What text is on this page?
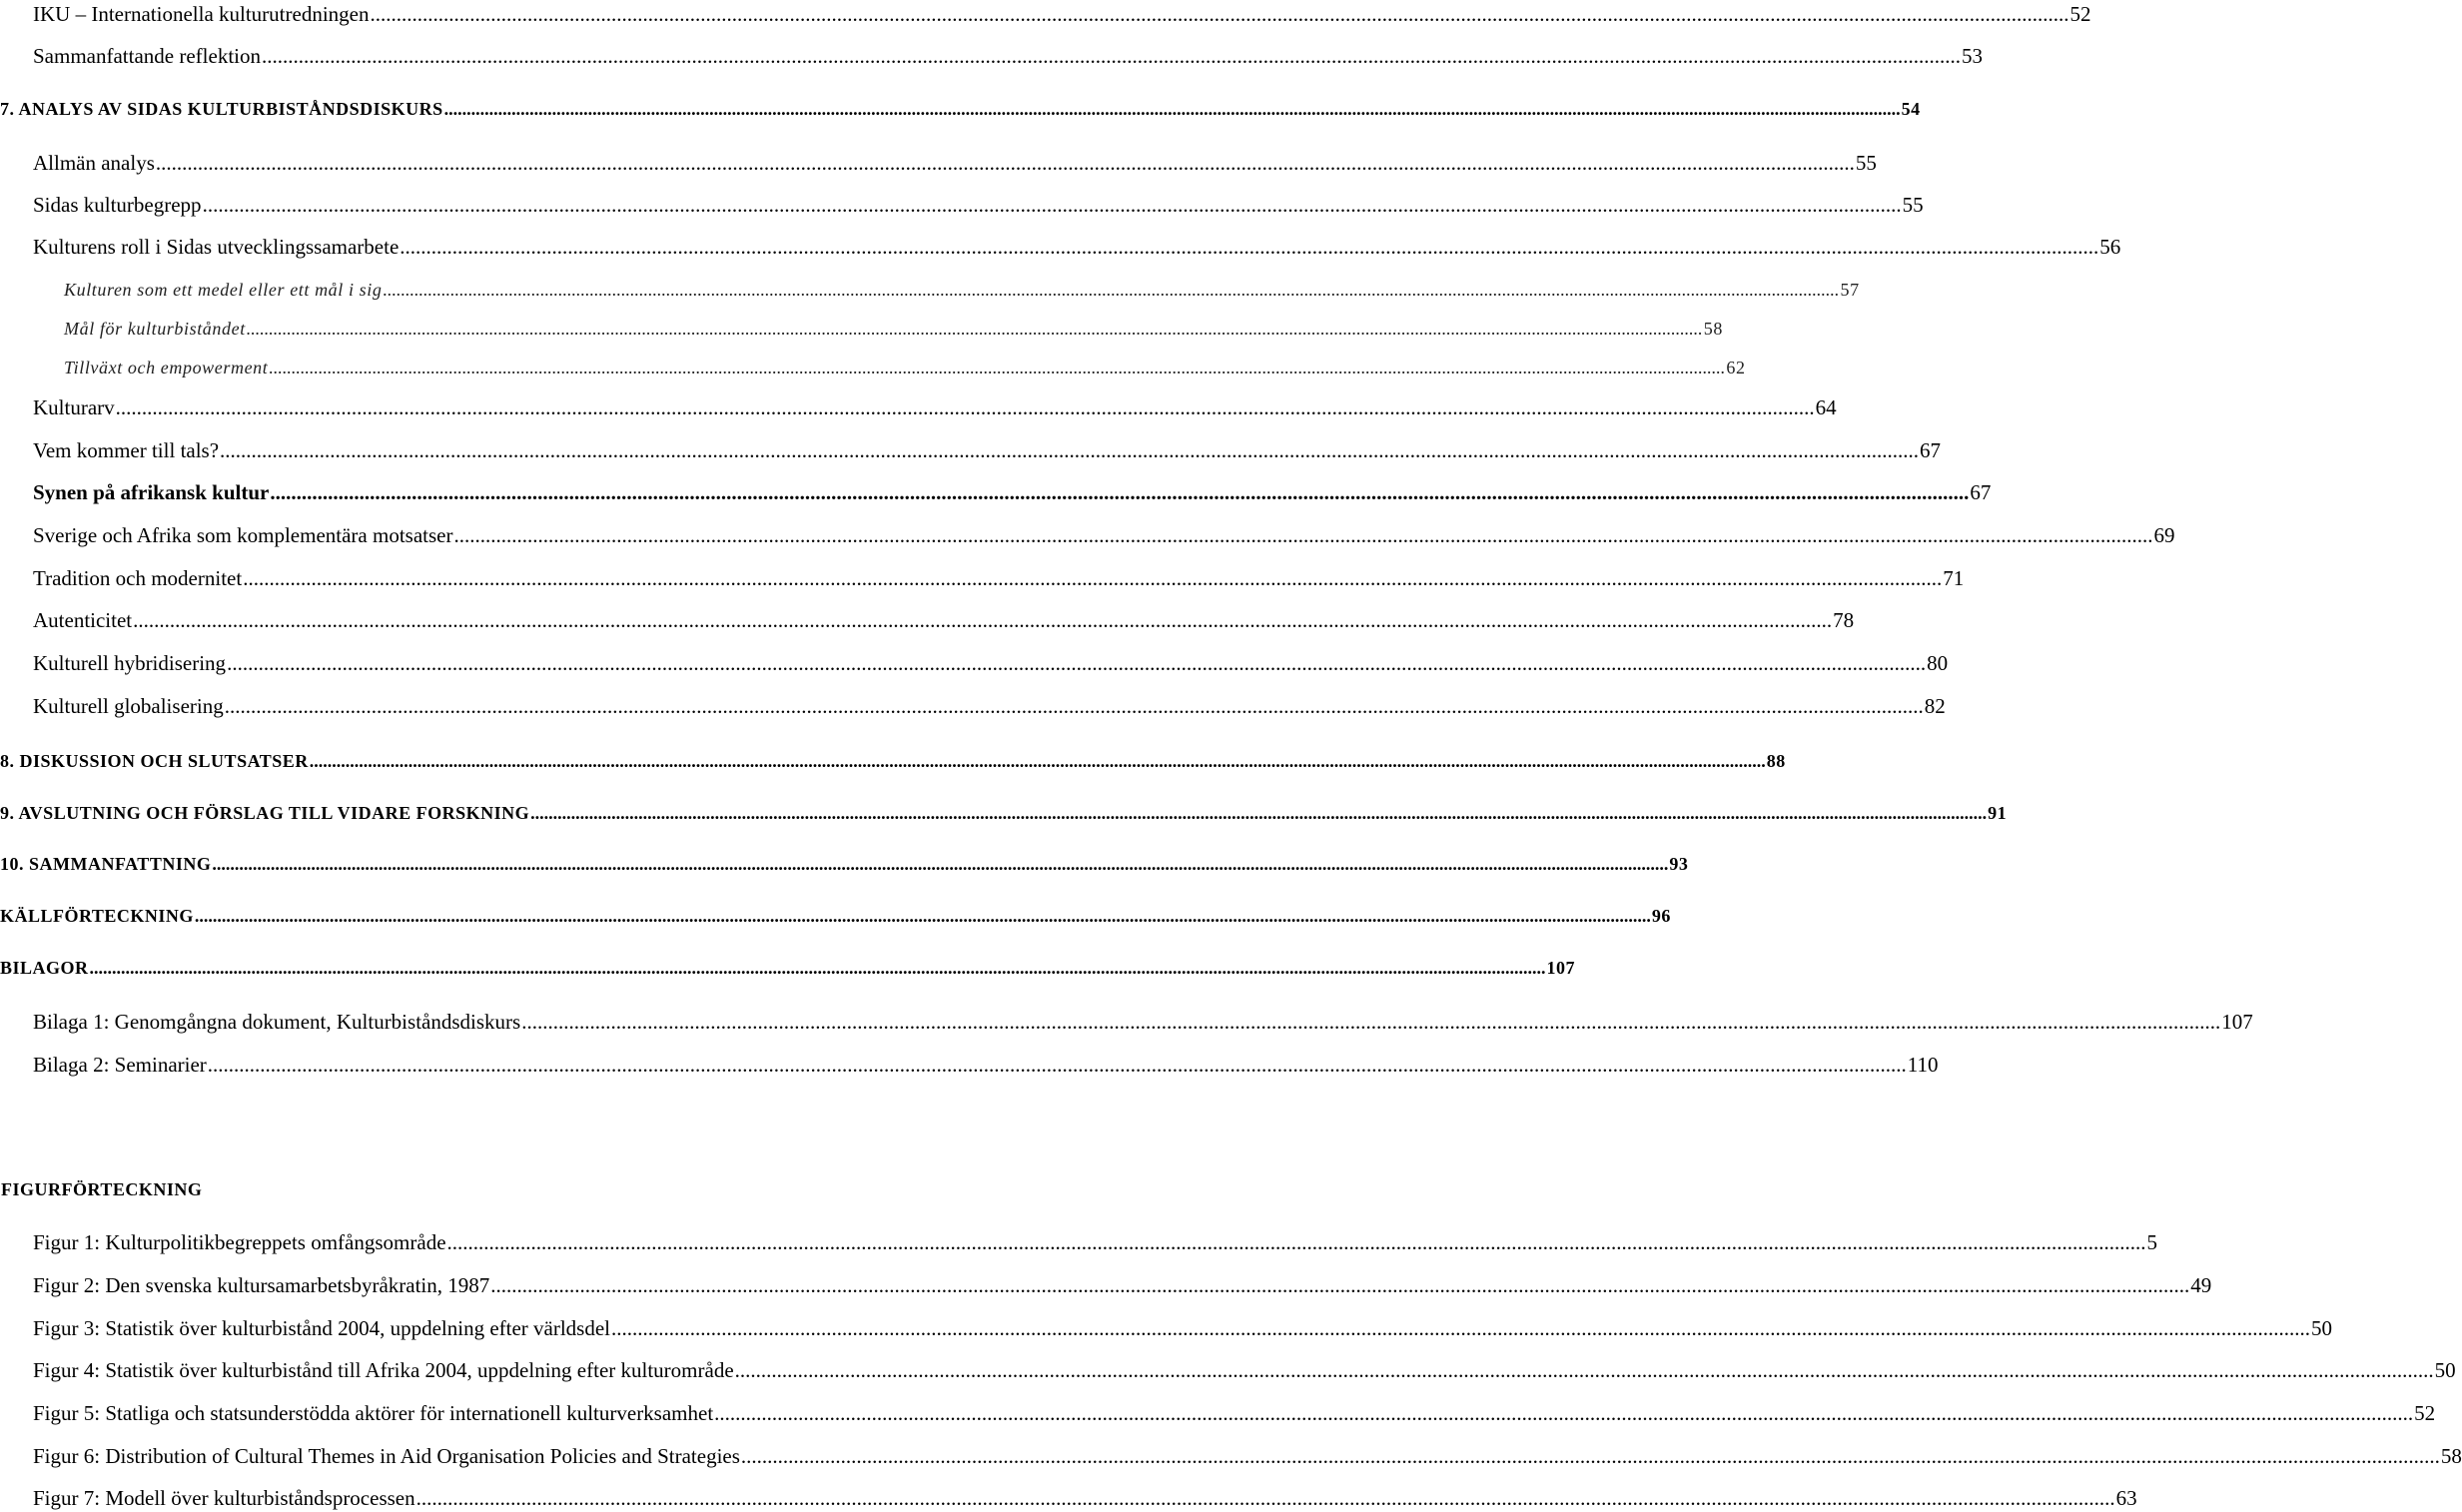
IKU – Internationella kulturutredningen .....	52
Sammanfattande reflektion .....	53
7. ANALYS AV SIDAS KULTURBISTÅNDSDISKURS .....	54
Allmän analys .....	55
Sidas kulturbegrepp .....	55
Kulturens roll i Sidas utvecklingssamarbete .....	56
Kulturen som ett medel eller ett mål i sig .....	57
Mål för kulturbiståndet .....	58
Tillväxt och empowerment .....	62
Kulturarv .....	64
Vem kommer till tals? .....	67
Synen på afrikansk kultur .....	67
Sverige och Afrika som komplementära motsatser .....	69
Tradition och modernitet .....	71
Autenticitet .....	78
Kulturell hybridisering .....	80
Kulturell globalisering .....	82
8. DISKUSSION OCH SLUTSATSER .....	88
9. AVSLUTNING OCH FÖRSLAG TILL VIDARE FORSKNING .....	91
10. SAMMANFATTNING .....	93
KÄLLFÖRTECKNING .....	96
BILAGOR .....	107
Bilaga 1: Genomgångna dokument, Kulturbiståndsdiskurs .....	107
Bilaga 2: Seminarier .....	110
FIGURFÖRTECKNING
Figur 1: Kulturpolitikbegreppets omfångsområde .....	5
Figur 2: Den svenska kultursamarbetsbyråkratin, 1987 .....	49
Figur 3: Statistik över kulturbistånd 2004, uppdelning efter världsdel .....	50
Figur 4: Statistik över kulturbistånd till Afrika 2004, uppdelning efter kulturområde .....	50
Figur 5: Statliga och statsunderstödda aktörer för internationell kulturverksamhet .....	52
Figur 6: Distribution of Cultural Themes in Aid Organisation Policies and Strategies .....	58
Figur 7: Modell över kulturbiståndsprocessen .....	63
